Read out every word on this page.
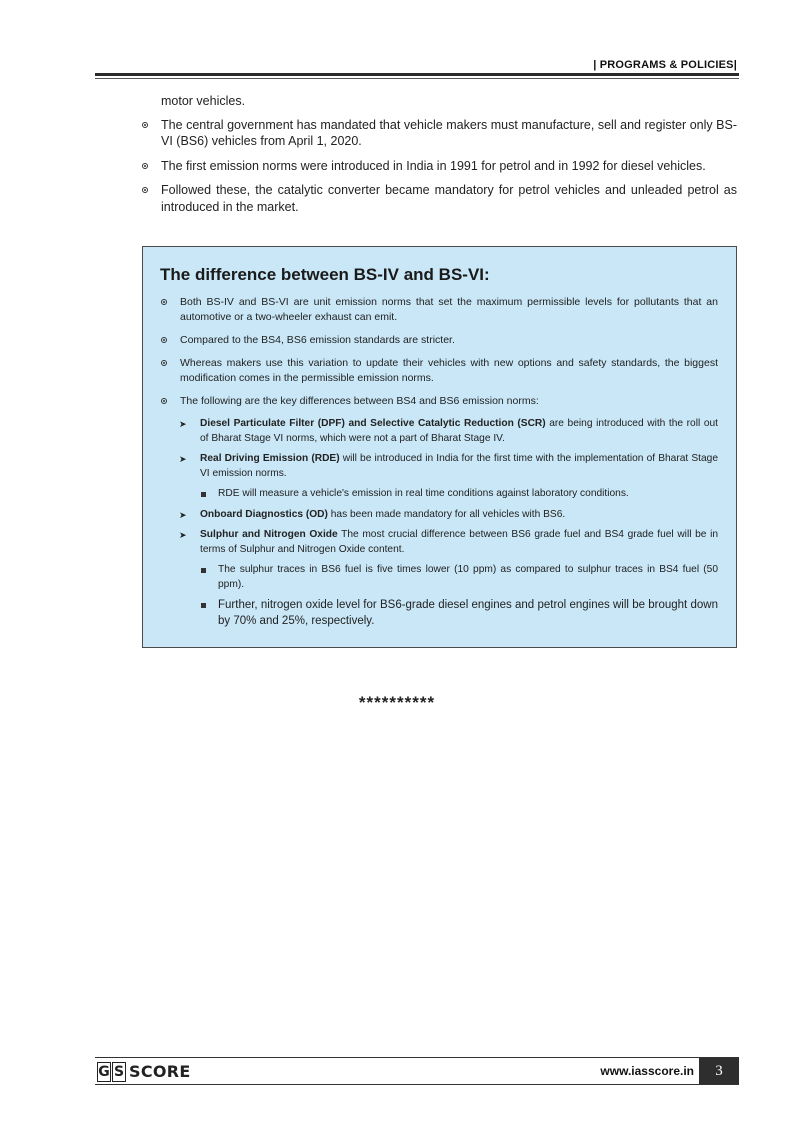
| PROGRAMS & POLICIES|
motor vehicles.
The central government has mandated that vehicle makers must manufacture, sell and register only BS-VI (BS6) vehicles from April 1, 2020.
The first emission norms were introduced in India in 1991 for petrol and in 1992 for diesel vehicles.
Followed these, the catalytic converter became mandatory for petrol vehicles and unleaded petrol as introduced in the market.
The difference between BS-IV and BS-VI:
Both BS-IV and BS-VI are unit emission norms that set the maximum permissible levels for pollutants that an automotive or a two-wheeler exhaust can emit.
Compared to the BS4, BS6 emission standards are stricter.
Whereas makers use this variation to update their vehicles with new options and safety standards, the biggest modification comes in the permissible emission norms.
The following are the key differences between BS4 and BS6 emission norms:
➤ Diesel Particulate Filter (DPF) and Selective Catalytic Reduction (SCR) are being introduced with the roll out of Bharat Stage VI norms, which were not a part of Bharat Stage IV.
➤ Real Driving Emission (RDE) will be introduced in India for the first time with the implementation of Bharat Stage VI emission norms.
RDE will measure a vehicle's emission in real time conditions against laboratory conditions.
➤ Onboard Diagnostics (OD) has been made mandatory for all vehicles with BS6.
➤ Sulphur and Nitrogen Oxide The most crucial difference between BS6 grade fuel and BS4 grade fuel will be in terms of Sulphur and Nitrogen Oxide content.
The sulphur traces in BS6 fuel is five times lower (10 ppm) as compared to sulphur traces in BS4 fuel (50 ppm).
Further, nitrogen oxide level for BS6-grade diesel engines and petrol engines will be brought down by 70% and 25%, respectively.
**********
G S SCORE	www.iasscore.in	3
